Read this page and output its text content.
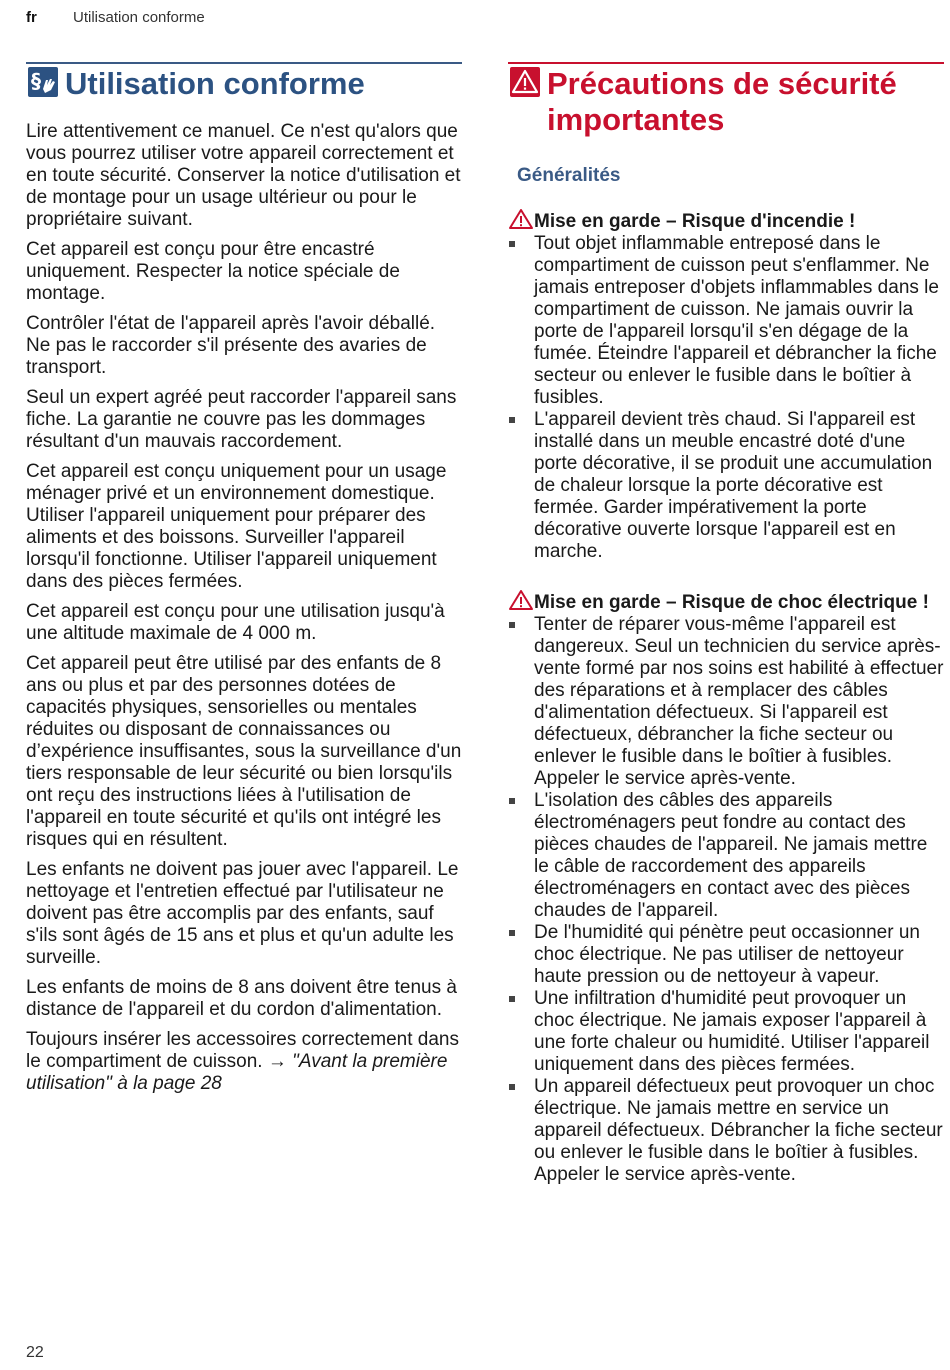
fr Utilisation conforme
§ Utilisation conforme

Lire attentivement ce manuel. Ce n'est qu'alors que vous pourrez utiliser votre appareil correctement et en toute sécurité. Conserver la notice d'utilisation et de montage pour un usage ultérieur ou pour le propriétaire suivant.

Cet appareil est conçu pour être encastré uniquement. Respecter la notice spéciale de montage.

Contrôler l'état de l'appareil après l'avoir déballé. Ne pas le raccorder s'il présente des avaries de transport.

Seul un expert agréé peut raccorder l'appareil sans fiche. La garantie ne couvre pas les dommages résultant d'un mauvais raccordement.

Cet appareil est conçu uniquement pour un usage ménager privé et un environnement domestique. Utiliser l'appareil uniquement pour préparer des aliments et des boissons. Surveiller l'appareil lorsqu'il fonctionne. Utiliser l'appareil uniquement dans des pièces fermées.

Cet appareil est conçu pour une utilisation jusqu'à une altitude maximale de 4 000 m.

Cet appareil peut être utilisé par des enfants de 8 ans ou plus et par des personnes dotées de capacités physiques, sensorielles ou mentales réduites ou disposant de connaissances ou d’expérience insuffisantes, sous la surveillance d'un tiers responsable de leur sécurité ou bien lorsqu'ils ont reçu des instructions liées à l'utilisation de l'appareil en toute sécurité et qu'ils ont intégré les risques qui en résultent.

Les enfants ne doivent pas jouer avec l'appareil. Le nettoyage et l'entretien effectué par l'utilisateur ne doivent pas être accomplis par des enfants, sauf s'ils sont âgés de 15 ans et plus et qu'un adulte les surveille.

Les enfants de moins de 8 ans doivent être tenus à distance de l'appareil et du cordon d'alimentation.

Toujours insérer les accessoires correctement dans le compartiment de cuisson. → "Avant la première utilisation" à la page 28

Précautions de sécurité importantes
Généralités
Mise en garde – Risque d'incendie !
Tout objet inflammable entreposé dans le compartiment de cuisson peut s'enflammer. Ne jamais entreposer d'objets inflammables dans le compartiment de cuisson. Ne jamais ouvrir la porte de l'appareil lorsqu'il s'en dégage de la fumée. Éteindre l'appareil et débrancher la fiche secteur ou enlever le fusible dans le boîtier à fusibles.
L'appareil devient très chaud. Si l'appareil est installé dans un meuble encastré doté d'une porte décorative, il se produit une accumulation de chaleur lorsque la porte décorative est fermée. Garder impérativement la porte décorative ouverte lorsque l'appareil est en marche.
Mise en garde – Risque de choc électrique !
Tenter de réparer vous-même l'appareil est dangereux. Seul un technicien du service après-vente formé par nos soins est habilité à effectuer des réparations et à remplacer des câbles d'alimentation défectueux. Si l'appareil est défectueux, débrancher la fiche secteur ou enlever le fusible dans le boîtier à fusibles. Appeler le service après-vente.
L'isolation des câbles des appareils électroménagers peut fondre au contact des pièces chaudes de l'appareil. Ne jamais mettre le câble de raccordement des appareils électroménagers en contact avec des pièces chaudes de l'appareil.
De l'humidité qui pénètre peut occasionner un choc électrique. Ne pas utiliser de nettoyeur haute pression ou de nettoyeur à vapeur.
Une infiltration d'humidité peut provoquer un choc électrique. Ne jamais exposer l'appareil à une forte chaleur ou humidité. Utiliser l'appareil uniquement dans des pièces fermées.
Un appareil défectueux peut provoquer un choc électrique. Ne jamais mettre en service un appareil défectueux. Débrancher la fiche secteur ou enlever le fusible dans le boîtier à fusibles. Appeler le service après-vente.
22
